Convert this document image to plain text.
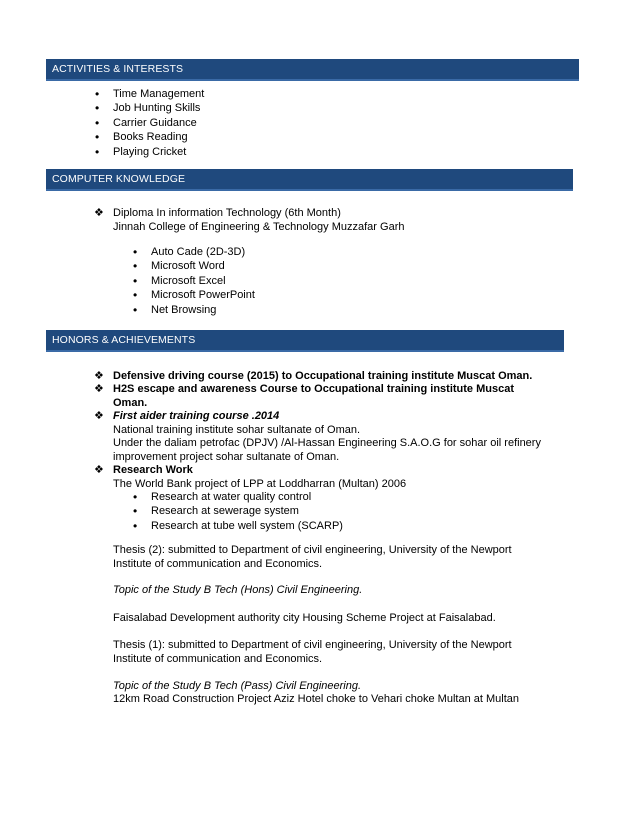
ACTIVITIES & INTERESTS
• Time Management
• Job Hunting Skills
• Carrier Guidance
• Books Reading
• Playing Cricket
COMPUTER KNOWLEDGE
❖ Diploma In information Technology (6th Month)
Jinnah College of Engineering & Technology Muzzafar Garh
• Auto Cade (2D-3D)
• Microsoft Word
• Microsoft Excel
• Microsoft PowerPoint
• Net Browsing
HONORS & ACHIEVEMENTS
❖ Defensive driving course (2015) to Occupational training institute Muscat Oman.
❖ H2S escape and awareness Course to Occupational training institute Muscat
Oman.
❖ First aider training course .2014
National training institute sohar sultanate of Oman.
Under the daliam petrofac (DPJV) /Al-Hassan Engineering S.A.O.G for sohar oil refinery
improvement project sohar sultanate of Oman.
❖ Research Work
The World Bank project of LPP at Loddharran (Multan) 2006
• Research at water quality control
• Research at sewerage system
• Research at tube well system (SCARP)
Thesis (2): submitted to Department of civil engineering, University of the Newport
Institute of communication and Economics.
Topic of the Study B Tech (Hons) Civil Engineering.
Faisalabad Development authority city Housing Scheme Project at Faisalabad.
Thesis (1): submitted to Department of civil engineering, University of the Newport
Institute of communication and Economics.
Topic of the Study B Tech (Pass) Civil Engineering.
12km Road Construction Project Aziz Hotel choke to Vehari choke Multan at Multan
